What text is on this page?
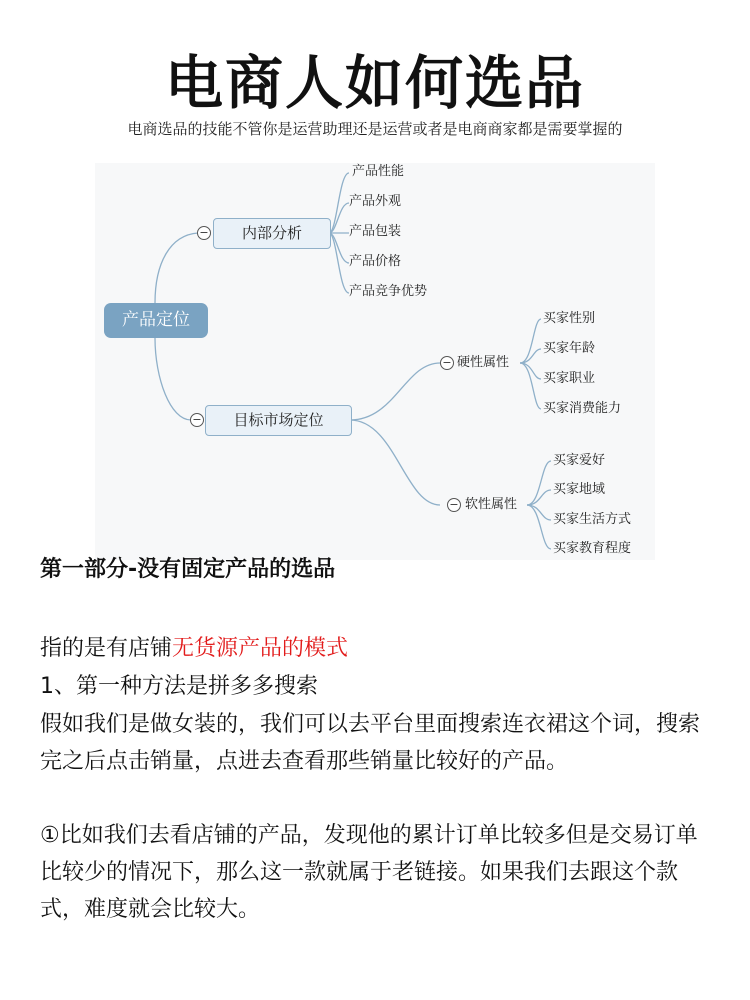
电商人如何选品
电商选品的技能不管你是运营助理还是运营或者是电商商家都是需要掌握的
产品定位
−	内部分析
−	目标市场定位
产品性能
产品外观
产品包装
产品价格
产品竞争优势
− 硬性属性
− 软性属性
买家性别
买家年龄
买家职业
买家消费能力
买家爱好
买家地域
买家生活方式
买家教育程度
第一部分-没有固定产品的选品
指的是有店铺无货源产品的模式
1、第一种方法是拼多多搜索
假如我们是做女装的，我们可以去平台里面搜索连衣裙这个词，搜索完之后点击销量，点进去查看那些销量比较好的产品。
①比如我们去看店铺的产品，发现他的累计订单比较多但是交易订单比较少的情况下，那么这一款就属于老链接。如果我们去跟这个款式，难度就会比较大。
